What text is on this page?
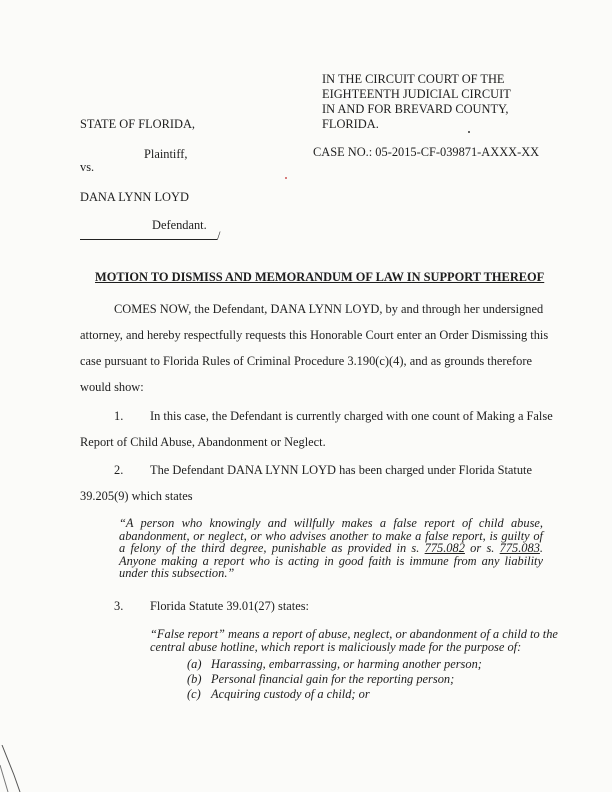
IN THE CIRCUIT COURT OF THE
EIGHTEENTH JUDICIAL CIRCUIT
IN AND FOR BREVARD COUNTY,
FLORIDA.
STATE OF FLORIDA,
Plaintiff,	CASE NO.: 05-2015-CF-039871-AXXX-XX
vs.
DANA LYNN LOYD
Defendant.
/
MOTION TO DISMISS AND MEMORANDUM OF LAW IN SUPPORT THEREOF
COMES NOW, the Defendant, DANA LYNN LOYD, by and through her undersigned
attorney, and hereby respectfully requests this Honorable Court enter an Order Dismissing this
case pursuant to Florida Rules of Criminal Procedure 3.190(c)(4), and as grounds therefore
would show:
1. In this case, the Defendant is currently charged with one count of Making a False
Report of Child Abuse, Abandonment or Neglect.
2. The Defendant DANA LYNN LOYD has been charged under Florida Statute
39.205(9) which states
“A person who knowingly and willfully makes a false report of child abuse, abandonment, or neglect, or who advises another to make a false report, is guilty of a felony of the third degree, punishable as provided in s. 775.082 or s. 775.083. Anyone making a report who is acting in good faith is immune from any liability under this subsection.”
3. Florida Statute 39.01(27) states:
“False report” means a report of abuse, neglect, or abandonment of a child to the central abuse hotline, which report is maliciously made for the purpose of:
(a) Harassing, embarrassing, or harming another person;
(b) Personal financial gain for the reporting person;
(c) Acquiring custody of a child; or
